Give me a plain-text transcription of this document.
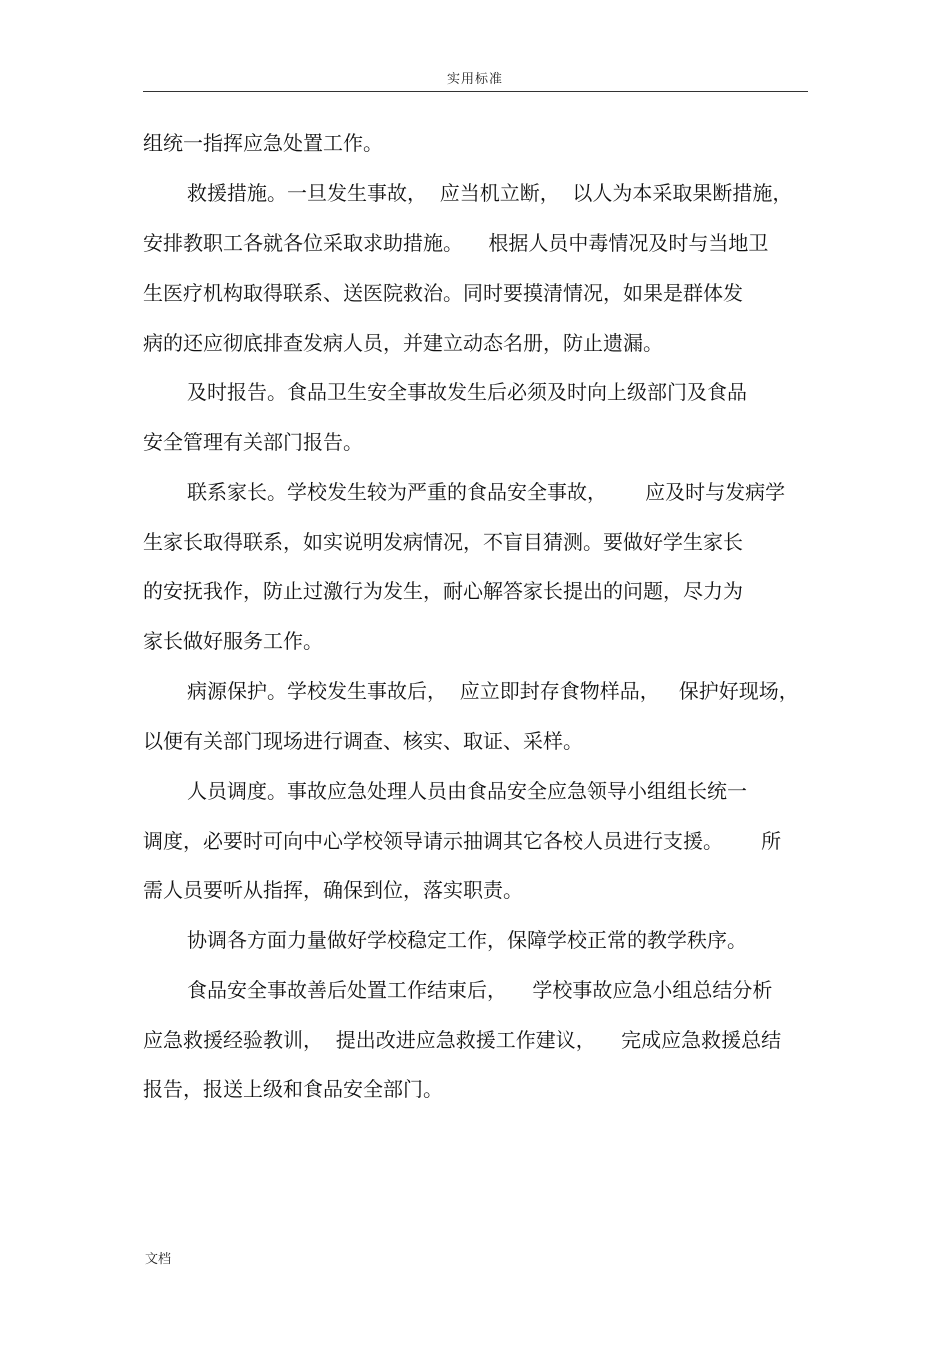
实用标准
组统一指挥应急处置工作。
救援措施。一旦发生事故，  应当机立断，  以人为本采取果断措施，
安排教职工各就各位采取求助措施。    根据人员中毒情况及时与当地卫
生医疗机构取得联系、送医院救治。同时要摸清情况，如果是群体发
病的还应彻底排查发病人员，并建立动态名册，防止遗漏。
及时报告。食品卫生安全事故发生后必须及时向上级部门及食品
安全管理有关部门报告。
联系家长。学校发生较为严重的食品安全事故，      应及时与发病学
生家长取得联系，如实说明发病情况，不盲目猜测。要做好学生家长
的安抚我作，防止过激行为发生，耐心解答家长提出的问题，尽力为
家长做好服务工作。
病源保护。学校发生事故后，  应立即封存食物样品，   保护好现场，
以便有关部门现场进行调查、核实、取证、采样。
人员调度。事故应急处理人员由食品安全应急领导小组组长统一
调度，必要时可向中心学校领导请示抽调其它各校人员进行支援。      所
需人员要听从指挥，确保到位，落实职责。
协调各方面力量做好学校稳定工作，保障学校正常的教学秩序。
食品安全事故善后处置工作结束后，    学校事故应急小组总结分析
应急救援经验教训，  提出改进应急救援工作建议，    完成应急救援总结
报告，报送上级和食品安全部门。
文档
